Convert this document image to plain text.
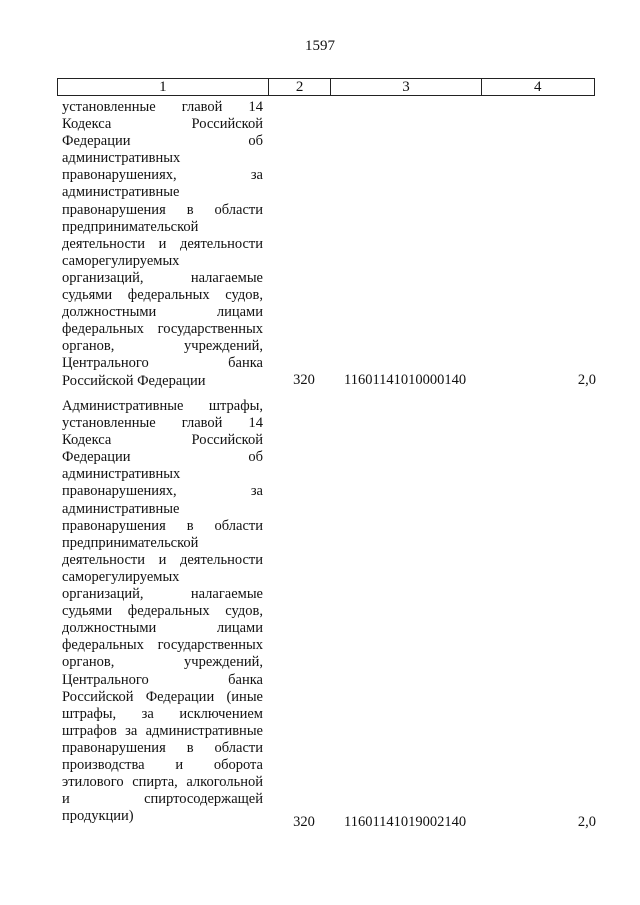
1597
1	2	3	4
установленные главой 14
Кодекса Российской
Федерации об
административных
правонарушениях, за
административные
правонарушения в области
предпринимательской
деятельности и деятельности
саморегулируемых
организаций, налагаемые
судьями федеральных судов,
должностными лицами
федеральных государственных
органов, учреждений,
Центрального банка
Российской Федерации	320	11601141010000140	2,0
Административные штрафы,
установленные главой 14
Кодекса Российской
Федерации об
административных
правонарушениях, за
административные
правонарушения в области
предпринимательской
деятельности и деятельности
саморегулируемых
организаций, налагаемые
судьями федеральных судов,
должностными лицами
федеральных государственных
органов, учреждений,
Центрального банка
Российской Федерации (иные
штрафы, за исключением
штрафов за административные
правонарушения в области
производства и оборота
этилового спирта, алкогольной
и спиртосодержащей
продукции)	320	11601141019002140	2,0
